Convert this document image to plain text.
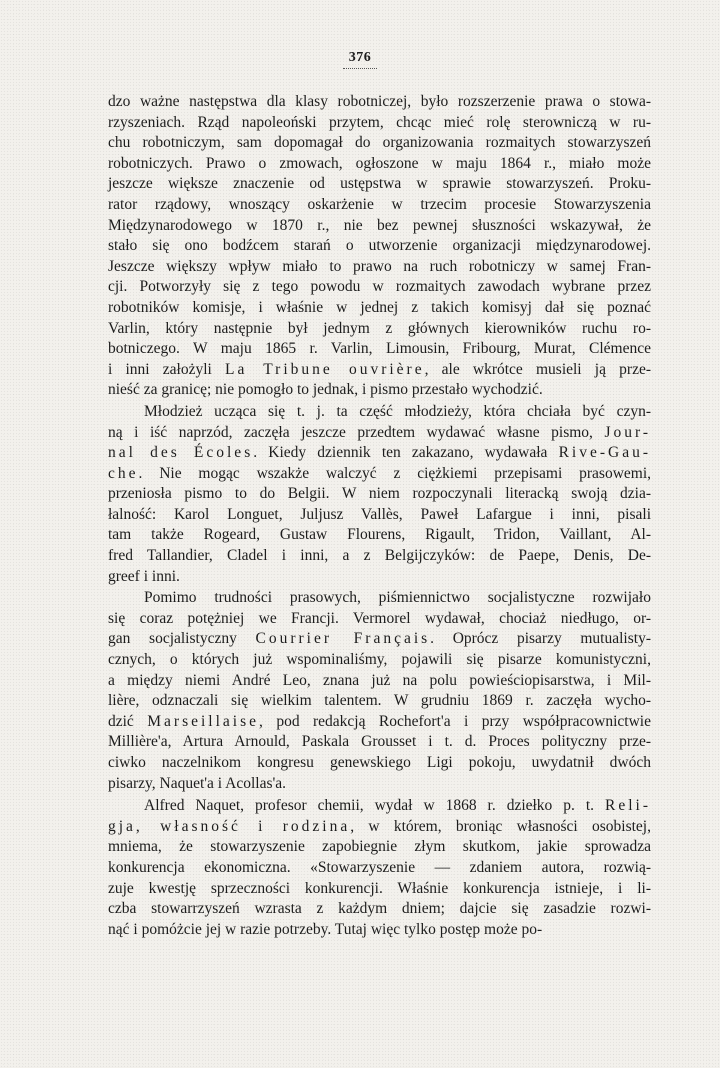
376
dzo ważne następstwa dla klasy robotniczej, było rozszerzenie prawa o stowa-
rzyszeniach. Rząd napoleoński przytem, chcąc mieć rolę sterowniczą w ru-
chu robotniczym, sam dopomagał do organizowania rozmaitych stowarzyszeń
robotniczych. Prawo o zmowach, ogłoszone w maju 1864 r., miało może
jeszcze większe znaczenie od ustępstwa w sprawie stowarzyszeń. Proku-
rator rządowy, wnoszący oskarżenie w trzecim procesie Stowarzyszenia
Międzynarodowego w 1870 r., nie bez pewnej słuszności wskazywał, że
stało się ono bodźcem starań o utworzenie organizacji międzynarodowej.
Jeszcze większy wpływ miało to prawo na ruch robotniczy w samej Fran-
cji. Potworzyły się z tego powodu w rozmaitych zawodach wybrane przez
robotników komisje, i właśnie w jednej z takich komisyj dał się poznać
Varlin, który następnie był jednym z głównych kierowników ruchu ro-
botniczego. W maju 1865 r. Varlin, Limousin, Fribourg, Murat, Clémence
i inni założyli La Tribune ouvrière, ale wkrótce musieli ją prze-
nieść za granicę; nie pomogło to jednak, i pismo przestało wychodzić.
Młodzież ucząca się t. j. ta część młodzieży, która chciała być czyn-
ną i iść naprzód, zaczęła jeszcze przedtem wydawać własne pismo, Jour-
nal des Écoles. Kiedy dziennik ten zakazano, wydawała Rive-Gau-
che. Nie mogąc wszakże walczyć z ciężkiemi przepisami prasowemi,
przeniosła pismo to do Belgii. W niem rozpoczynali literacką swoją dzia-
łalność: Karol Longuet, Juljusz Vallès, Paweł Lafargue i inni, pisali
tam także Rogeard, Gustaw Flourens, Rigault, Tridon, Vaillant, Al-
fred Tallandier, Cladel i inni, a z Belgijczyków: de Paepe, Denis, De-
greef i inni.
Pomimo trudności prasowych, piśmiennictwo socjalistyczne rozwijało
się coraz potężniej we Francji. Vermorel wydawał, chociaż niedługo, or-
gan socjalistyczny Courrier Français. Oprócz pisarzy mutualisty-
cznych, o których już wspominaliśmy, pojawili się pisarze komunistyczni,
a między niemi André Leo, znana już na polu powieściopisarstwa, i Mil-
lière, odznaczali się wielkim talentem. W grudniu 1869 r. zaczęła wycho-
dzić Marseillaise, pod redakcją Rochefort'a i przy współpracownictwie
Millière'a, Artura Arnould, Paskala Grousset i t. d. Proces polityczny prze-
ciwko naczelnikom kongresu genewskiego Ligi pokoju, uwydatnił dwóch
pisarzy, Naquet'a i Acollas'a.
Alfred Naquet, profesor chemii, wydał w 1868 r. dziełko p. t. Reli-
gja, własność i rodzina, w którem, broniąc własności osobistej,
mniema, że stowarzyszenie zapobiegnie złym skutkom, jakie sprowadza
konkurencja ekonomiczna. «Stowarzyszenie — zdaniem autora, rozwią-
zuje kwestję sprzeczności konkurencji. Właśnie konkurencja istnieje, i li-
czba stowarrzyszeń wzrasta z każdym dniem; dajcie się zasadzie rozwi-
nąć i pomóżcie jej w razie potrzeby. Tutaj więc tylko postęp może po-
